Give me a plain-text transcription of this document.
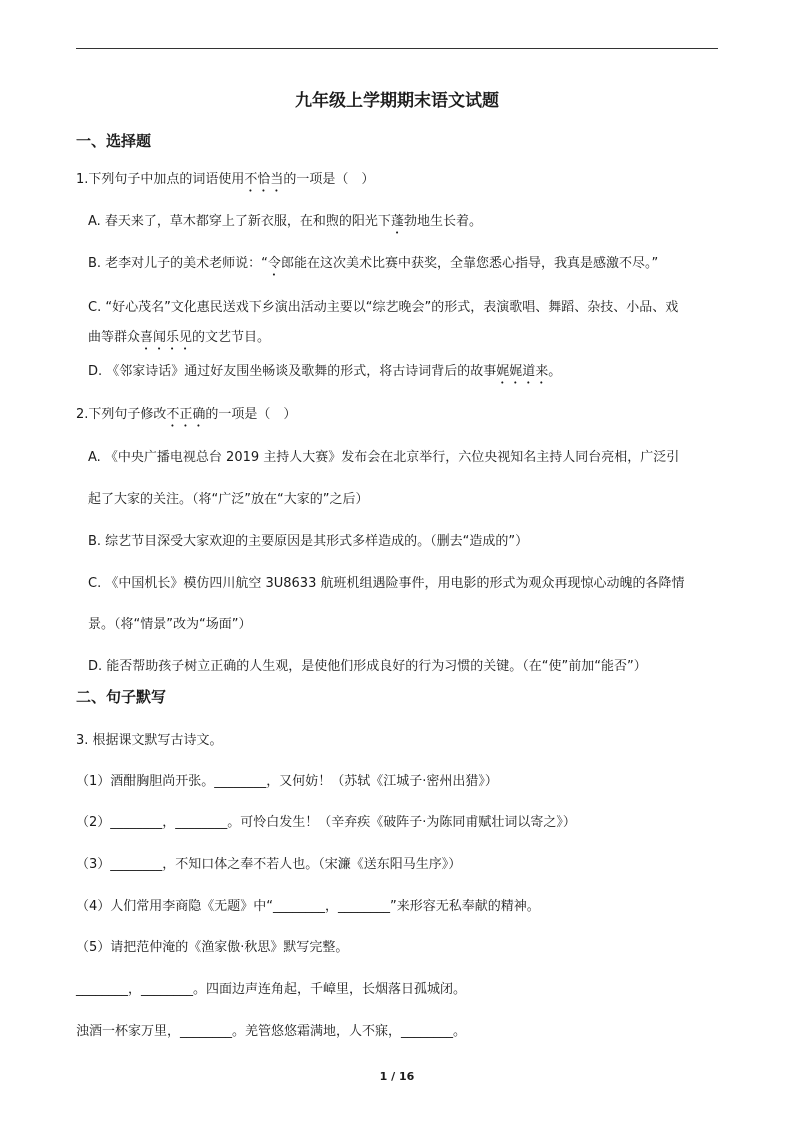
九年级上学期期末语文试题
一、选择题
1.下列句子中加点的词语使用不恰当的一项是（　）
A. 春天来了，草木都穿上了新衣服，在和煦的阳光下蓬勃地生长着。
B. 老李对儿子的美术老师说：“令郎能在这次美术比赛中获奖，全靠您悉心指导，我真是感激不尽。”
C. “好心茂名”文化惠民送戏下乡演出活动主要以“综艺晚会”的形式，表演歌唱、舞蹈、杂技、小品、戏
曲等群众喜闻乐见的文艺节目。
D. 《邻家诗话》通过好友围坐畅谈及歌舞的形式，将古诗词背后的故事娓娓道来。
2.下列句子修改不正确的一项是（　）
A. 《中央广播电视总台 2019 主持人大赛》发布会在北京举行，六位央视知名主持人同台亮相，广泛引
起了大家的关注。（将“广泛”放在“大家的”之后）
B. 综艺节目深受大家欢迎的主要原因是其形式多样造成的。（删去“造成的”）
C. 《中国机长》模仿四川航空 3U8633 航班机组遇险事件，用电影的形式为观众再现惊心动魄的各降情
景。（将“情景”改为“场面”）
D. 能否帮助孩子树立正确的人生观，是使他们形成良好的行为习惯的关键。（在“使”前加“能否”）
二、句子默写
3. 根据课文默写古诗文。
（1）酒酣胸胆尚开张。________，又何妨！（苏轼《江城子·密州出猎》）
（2）________，________。可怜白发生！（辛弃疾《破阵子·为陈同甫赋壮词以寄之》）
（3）________，不知口体之奉不若人也。（宋濂《送东阳马生序》）
（4）人们常用李商隐《无题》中“________，________”来形容无私奉献的精神。
（5）请把范仲淹的《渔家傲·秋思》默写完整。
________，________。四面边声连角起，千嶂里，长烟落日孤城闭。
浊酒一杯家万里，________。羌管悠悠霜满地，人不寐，________。
1 / 16
